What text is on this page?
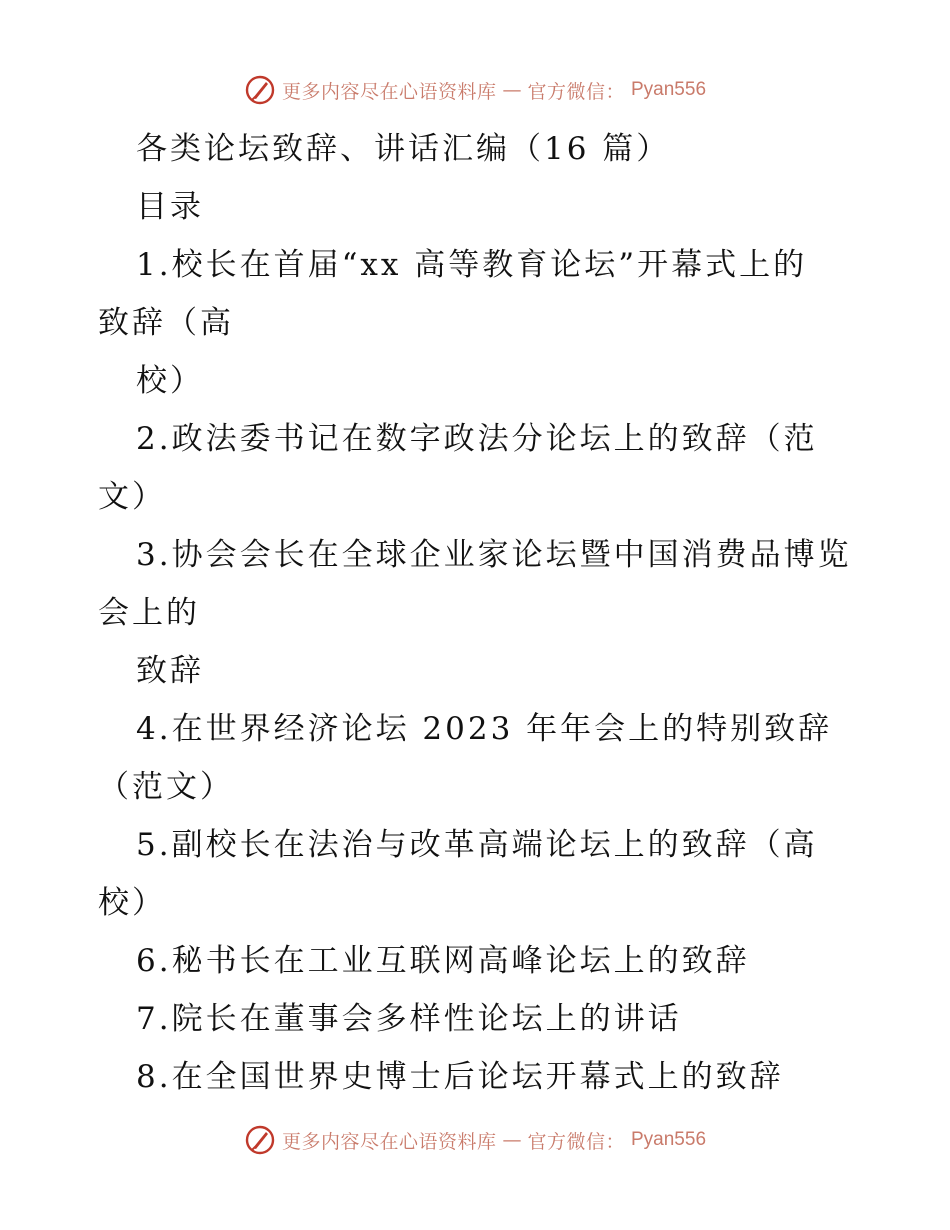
更多内容尽在心语资料库 — 官方微信： Pyan556
各类论坛致辞、讲话汇编（16 篇）
目录
1.校长在首届“xx 高等教育论坛”开幕式上的
致辞（高
校）
2.政法委书记在数字政法分论坛上的致辞（范
文）
3.协会会长在全球企业家论坛暨中国消费品博览
会上的
致辞
4.在世界经济论坛 2023 年年会上的特别致辞
（范文）
5.副校长在法治与改革高端论坛上的致辞（高
校）
6.秘书长在工业互联网高峰论坛上的致辞
7.院长在董事会多样性论坛上的讲话
8.在全国世界史博士后论坛开幕式上的致辞
更多内容尽在心语资料库 — 官方微信： Pyan556
